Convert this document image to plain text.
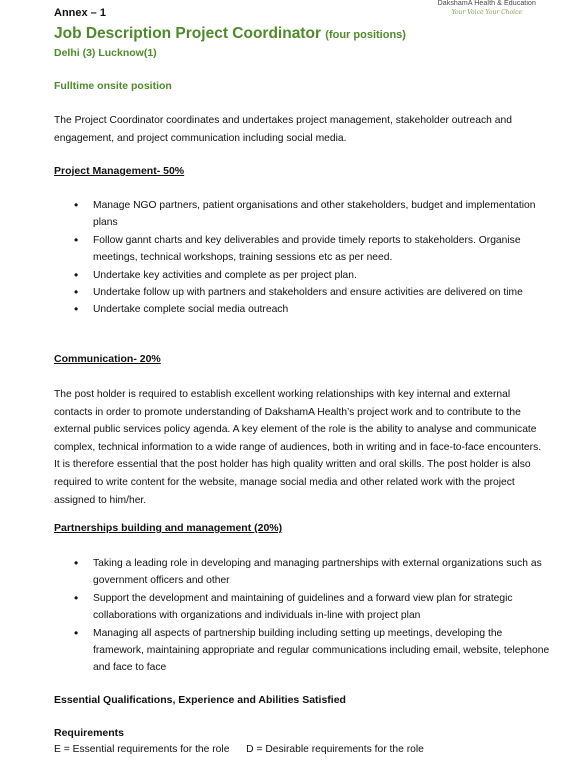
DakshamA Health & Education
Your Voice Your Choice
Annex – 1
Job Description Project Coordinator (four positions)
Delhi (3) Lucknow(1)
Fulltime onsite position
The Project Coordinator coordinates and undertakes project management, stakeholder outreach and engagement, and project communication including social media.
Project Management- 50%
• Manage NGO partners, patient organisations and other stakeholders, budget and implementation plans
• Follow gannt charts and key deliverables and provide timely reports to stakeholders. Organise meetings, technical workshops, training sessions etc as per need.
• Undertake key activities and complete as per project plan.
• Undertake follow up with partners and stakeholders and ensure activities are delivered on time
• Undertake complete social media outreach
Communication- 20%
The post holder is required to establish excellent working relationships with key internal and external contacts in order to promote understanding of DakshamA Health’s project work and to contribute to the external public services policy agenda. A key element of the role is the ability to analyse and communicate complex, technical information to a wide range of audiences, both in writing and in face-to-face encounters. It is therefore essential that the post holder has high quality written and oral skills. The post holder is also required to write content for the website, manage social media and other related work with the project assigned to him/her.
Partnerships building and management (20%)
• Taking a leading role in developing and managing partnerships with external organizations such as government officers and other
• Support the development and maintaining of guidelines and a forward view plan for strategic collaborations with organizations and individuals in-line with project plan
• Managing all aspects of partnership building including setting up meetings, developing the framework, maintaining appropriate and regular communications including email, website, telephone and face to face
Essential Qualifications, Experience and Abilities Satisfied
Requirements
E = Essential requirements for the role D = Desirable requirements for the role
